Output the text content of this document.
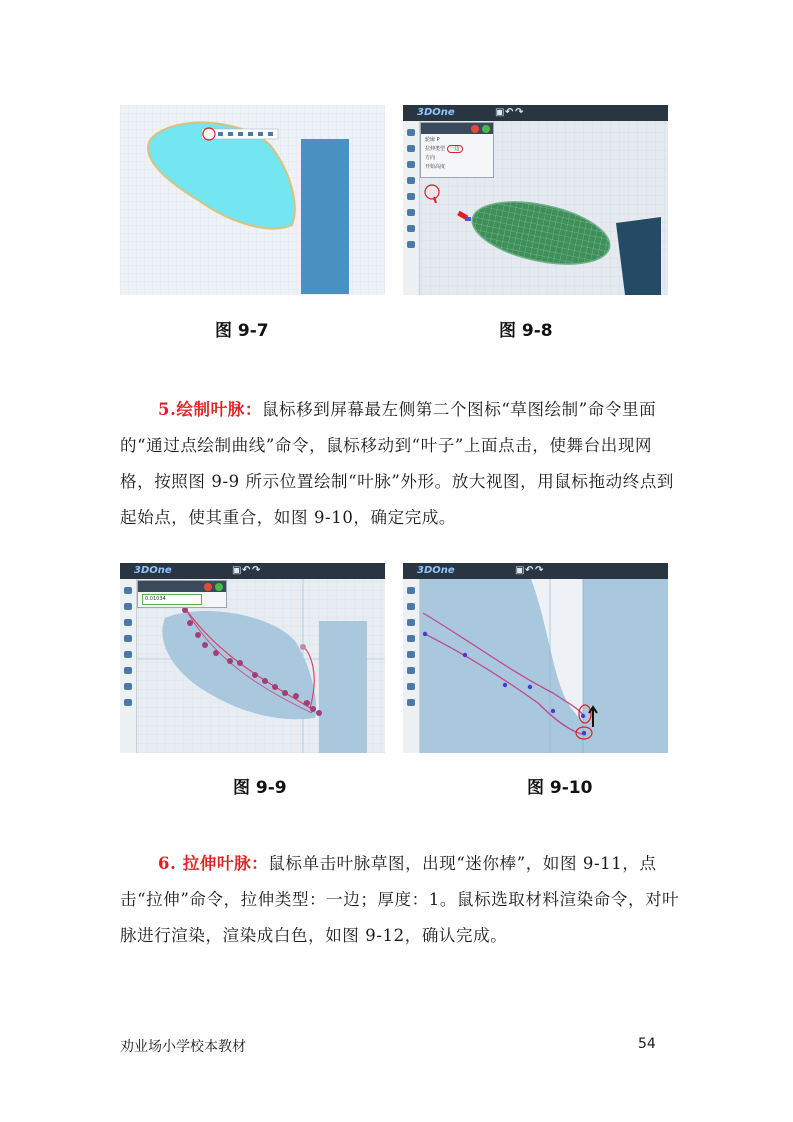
图 9-7
3DOne	▣ ↶ ↷
轮廓 P
拉伸类型 一边
方向
开始高度
图 9-8

5.绘制叶脉：鼠标移到屏幕最左侧第二个图标“草图绘制”命令里面的“通过点绘制曲线”命令，鼠标移动到“叶子”上面点击，使舞台出现网格，按照图 9-9 所示位置绘制“叶脉”外形。放大视图，用鼠标拖动终点到起始点，使其重合，如图 9-10，确定完成。

3DOne	▣ ↶ ↷
0.01034
图 9-9
3DOne	▣ ↶ ↷
图 9-10

6. 拉伸叶脉：鼠标单击叶脉草图，出现“迷你棒”，如图 9-11，点击“拉伸”命令，拉伸类型：一边；厚度：1。鼠标选取材料渲染命令，对叶脉进行渲染，渲染成白色，如图 9-12，确认完成。

劝业场小学校本教材	54
